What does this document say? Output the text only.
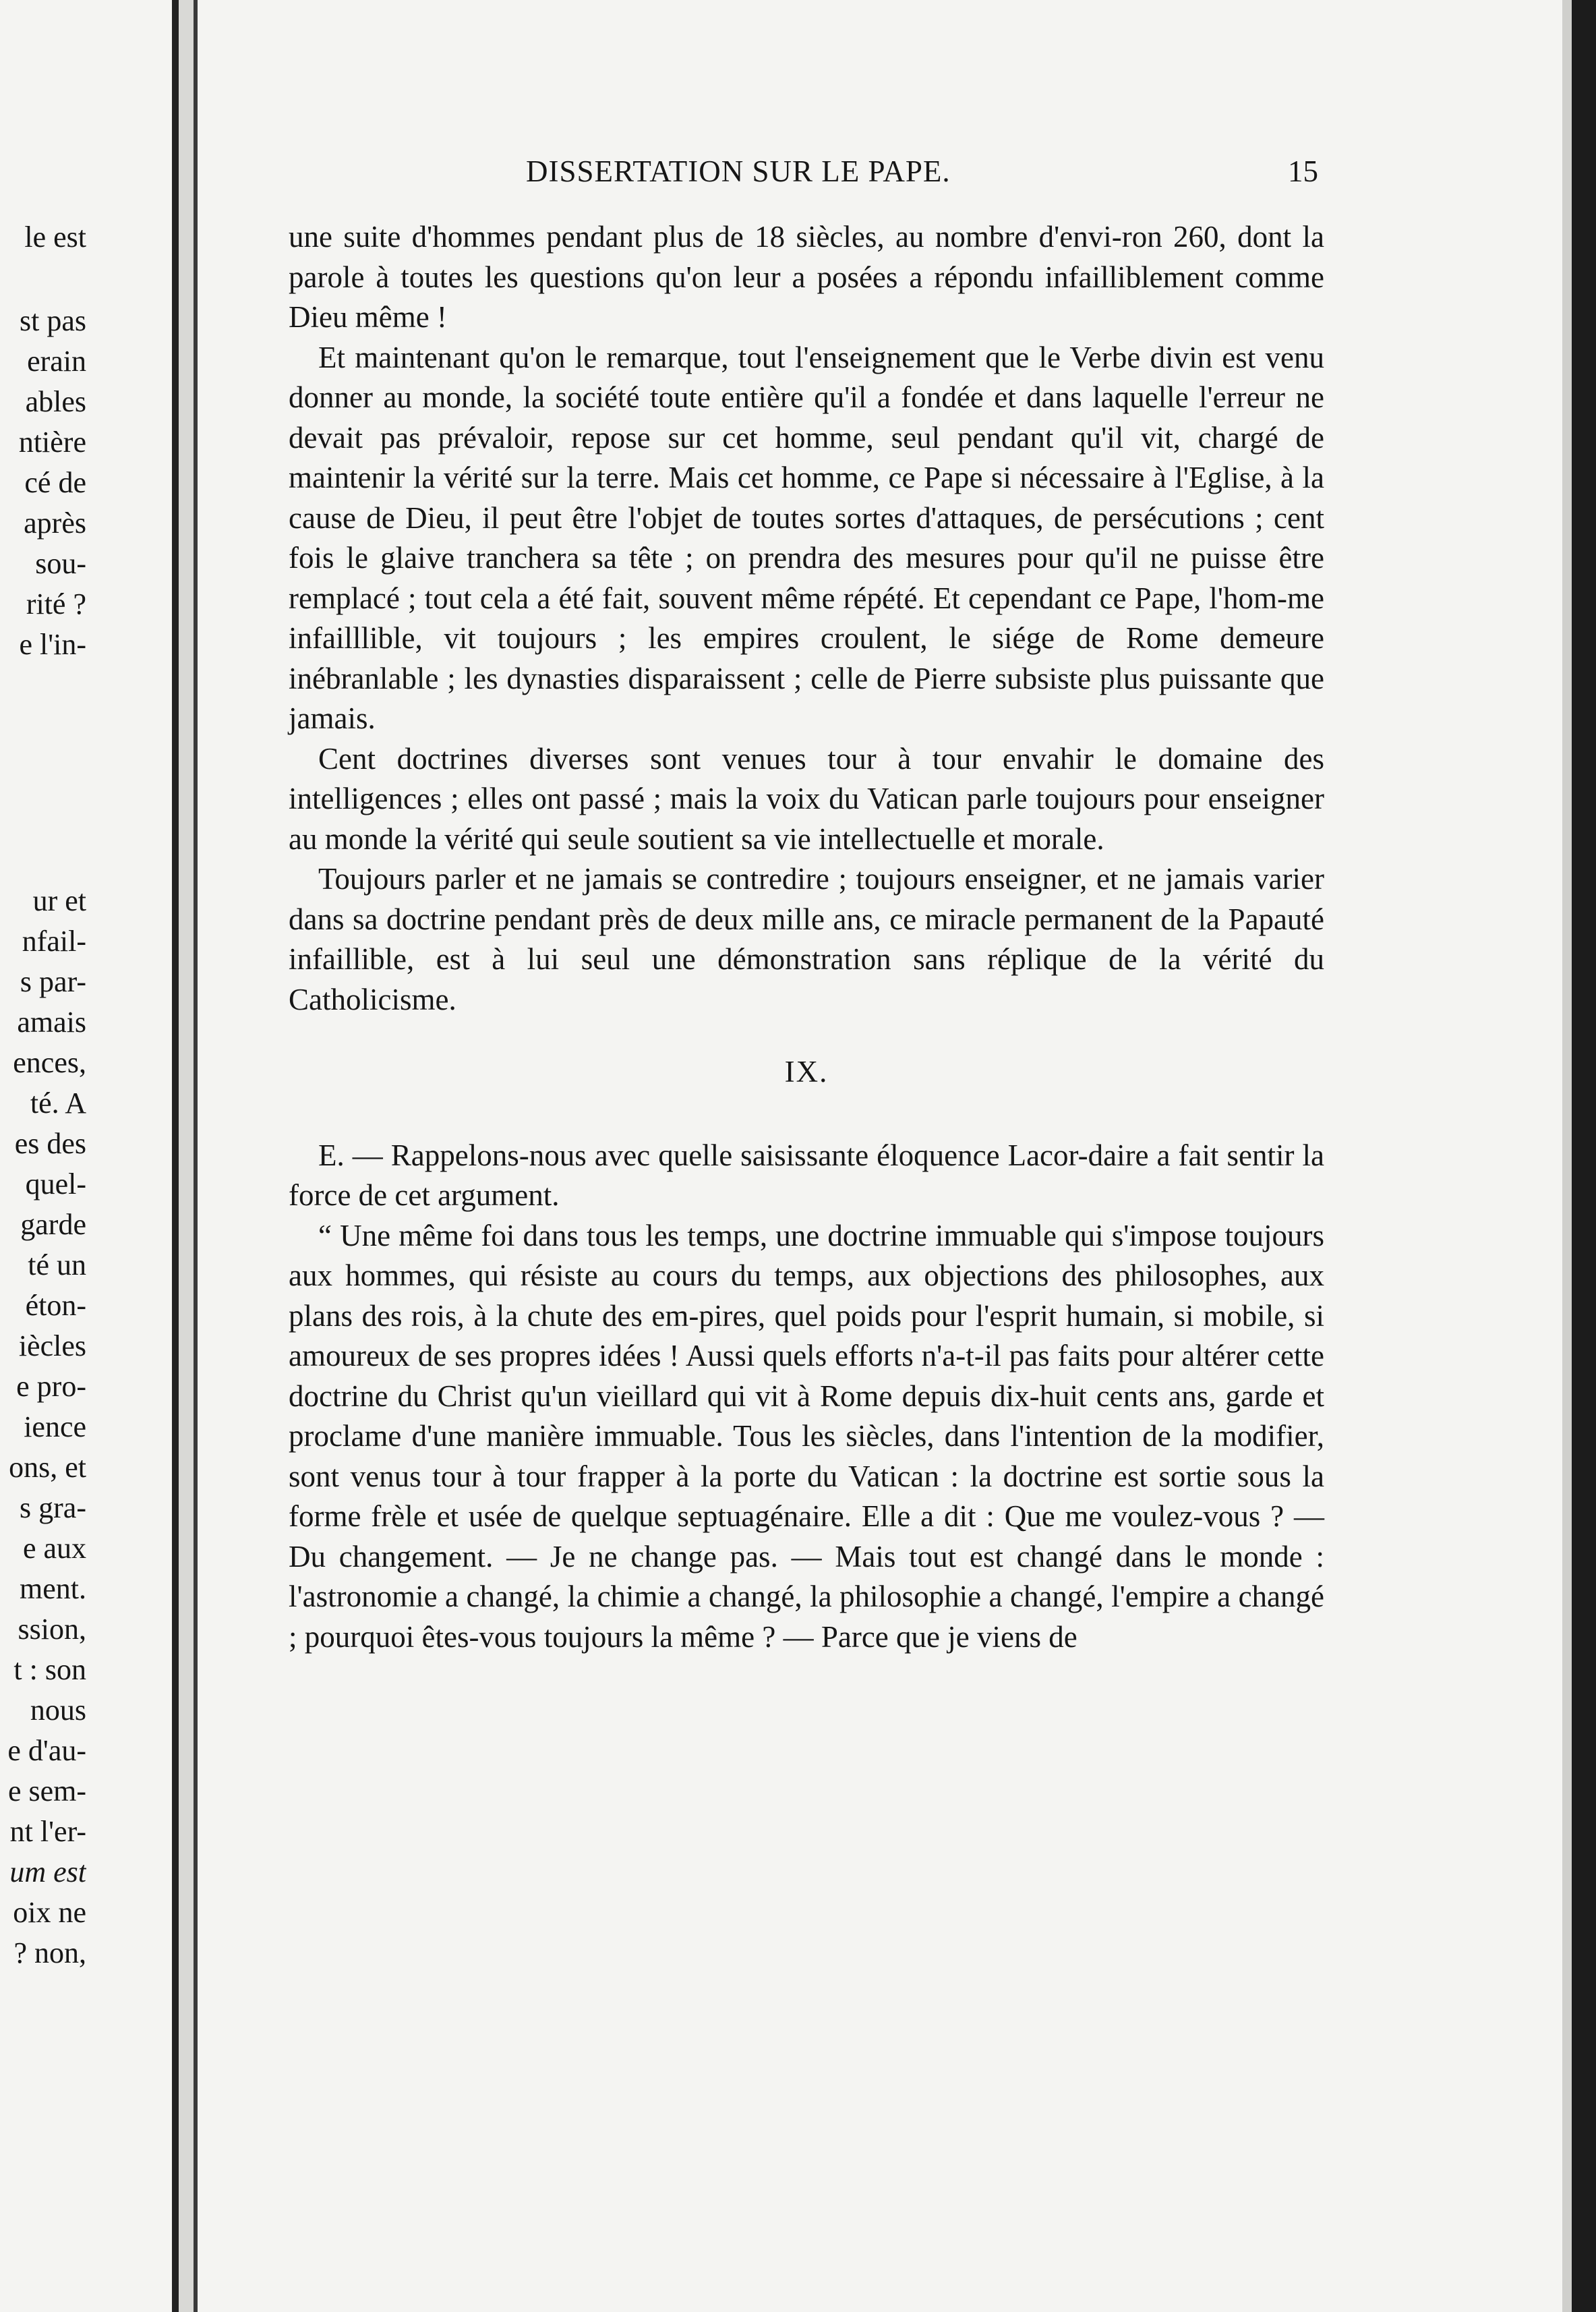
le est
st pas
erain
ables
ntière
cé de
après
sou-
rité ?
e l'in-
ur et
nfail-
s par-
amais
ences,
té. A
es des
quel-
garde
té un
éton-
iècles
e pro-
ience
ons, et
s gra-
e aux
ment.
ssion,
t : son
nous
e d'au-
e sem-
nt l'er-
um est
oix ne
? non,
DISSERTATION SUR LE PAPE.	15

une suite d'hommes pendant plus de 18 siècles, au nombre d'envi-ron 260, dont la parole à toutes les questions qu'on leur a posées a répondu infailliblement comme Dieu même !

Et maintenant qu'on le remarque, tout l'enseignement que le Verbe divin est venu donner au monde, la société toute entière qu'il a fondée et dans laquelle l'erreur ne devait pas prévaloir, repose sur cet homme, seul pendant qu'il vit, chargé de maintenir la vérité sur la terre. Mais cet homme, ce Pape si nécessaire à l'Eglise, à la cause de Dieu, il peut être l'objet de toutes sortes d'attaques, de persécutions ; cent fois le glaive tranchera sa tête ; on prendra des mesures pour qu'il ne puisse être remplacé ; tout cela a été fait, souvent même répété. Et cependant ce Pape, l'hom-me infailllible, vit toujours ; les empires croulent, le siége de Rome demeure inébranlable ; les dynasties disparaissent ; celle de Pierre subsiste plus puissante que jamais.

Cent doctrines diverses sont venues tour à tour envahir le domaine des intelligences ; elles ont passé ; mais la voix du Vatican parle toujours pour enseigner au monde la vérité qui seule soutient sa vie intellectuelle et morale.

Toujours parler et ne jamais se contredire ; toujours enseigner, et ne jamais varier dans sa doctrine pendant près de deux mille ans, ce miracle permanent de la Papauté infaillible, est à lui seul une démonstration sans réplique de la vérité du Catholicisme.

IX.

E. — Rappelons-nous avec quelle saisissante éloquence Lacor-daire a fait sentir la force de cet argument.

“ Une même foi dans tous les temps, une doctrine immuable qui s'impose toujours aux hommes, qui résiste au cours du temps, aux objections des philosophes, aux plans des rois, à la chute des em-pires, quel poids pour l'esprit humain, si mobile, si amoureux de ses propres idées ! Aussi quels efforts n'a-t-il pas faits pour altérer cette doctrine du Christ qu'un vieillard qui vit à Rome depuis dix-huit cents ans, garde et proclame d'une manière immuable. Tous les siècles, dans l'intention de la modifier, sont venus tour à tour frapper à la porte du Vatican : la doctrine est sortie sous la forme frèle et usée de quelque septuagénaire. Elle a dit : Que me voulez-vous ? — Du changement. — Je ne change pas. — Mais tout est changé dans le monde : l'astronomie a changé, la chimie a changé, la philosophie a changé, l'empire a changé ; pourquoi êtes-vous toujours la même ? — Parce que je viens de
